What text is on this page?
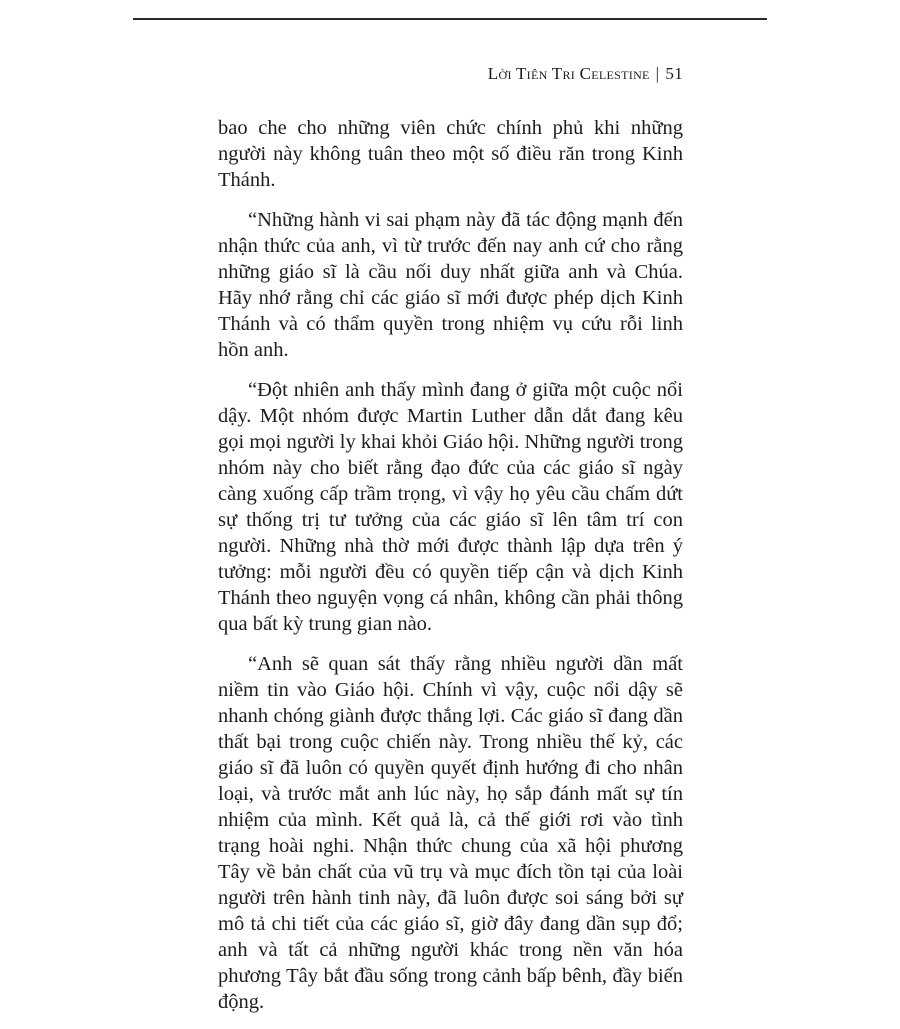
Lời Tiên Tri Celestine | 51

bao che cho những viên chức chính phủ khi những người này không tuân theo một số điều răn trong Kinh Thánh.

“Những hành vi sai phạm này đã tác động mạnh đến nhận thức của anh, vì từ trước đến nay anh cứ cho rằng những giáo sĩ là cầu nối duy nhất giữa anh và Chúa. Hãy nhớ rằng chỉ các giáo sĩ mới được phép dịch Kinh Thánh và có thẩm quyền trong nhiệm vụ cứu rỗi linh hồn anh.

“Đột nhiên anh thấy mình đang ở giữa một cuộc nổi dậy. Một nhóm được Martin Luther dẫn dắt đang kêu gọi mọi người ly khai khỏi Giáo hội. Những người trong nhóm này cho biết rằng đạo đức của các giáo sĩ ngày càng xuống cấp trầm trọng, vì vậy họ yêu cầu chấm dứt sự thống trị tư tưởng của các giáo sĩ lên tâm trí con người. Những nhà thờ mới được thành lập dựa trên ý tưởng: mỗi người đều có quyền tiếp cận và dịch Kinh Thánh theo nguyện vọng cá nhân, không cần phải thông qua bất kỳ trung gian nào.

“Anh sẽ quan sát thấy rằng nhiều người dần mất niềm tin vào Giáo hội. Chính vì vậy, cuộc nổi dậy sẽ nhanh chóng giành được thắng lợi. Các giáo sĩ đang dần thất bại trong cuộc chiến này. Trong nhiều thế kỷ, các giáo sĩ đã luôn có quyền quyết định hướng đi cho nhân loại, và trước mắt anh lúc này, họ sắp đánh mất sự tín nhiệm của mình. Kết quả là, cả thế giới rơi vào tình trạng hoài nghi. Nhận thức chung của xã hội phương Tây về bản chất của vũ trụ và mục đích tồn tại của loài người trên hành tinh này, đã luôn được soi sáng bởi sự mô tả chi tiết của các giáo sĩ, giờ đây đang dần sụp đổ; anh và tất cả những người khác trong nền văn hóa phương Tây bắt đầu sống trong cảnh bấp bênh, đầy biến động.
